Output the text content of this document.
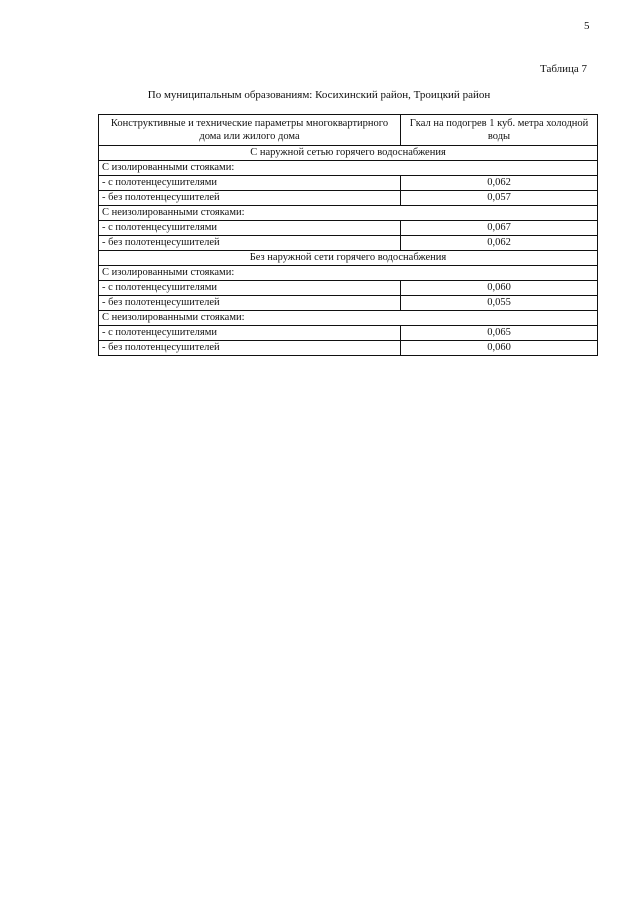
5
Таблица 7
По муниципальным образованиям: Косихинский район, Троицкий район
Конструктивные и технические параметры многоквартирного дома или жилого дома	Гкал на подогрев 1 куб. метра холодной воды
С наружной сетью горячего водоснабжения	
С изолированными стояками:	
- с полотенцесушителями	0,062
- без полотенцесушителей	0,057
С неизолированными стояками:	
- с полотенцесушителями	0,067
- без полотенцесушителей	0,062
Без наружной сети горячего водоснабжения	
С изолированными стояками:	
- с полотенцесушителями	0,060
- без полотенцесушителей	0,055
С неизолированными стояками:	
- с полотенцесушителями	0,065
- без полотенцесушителей	0,060
